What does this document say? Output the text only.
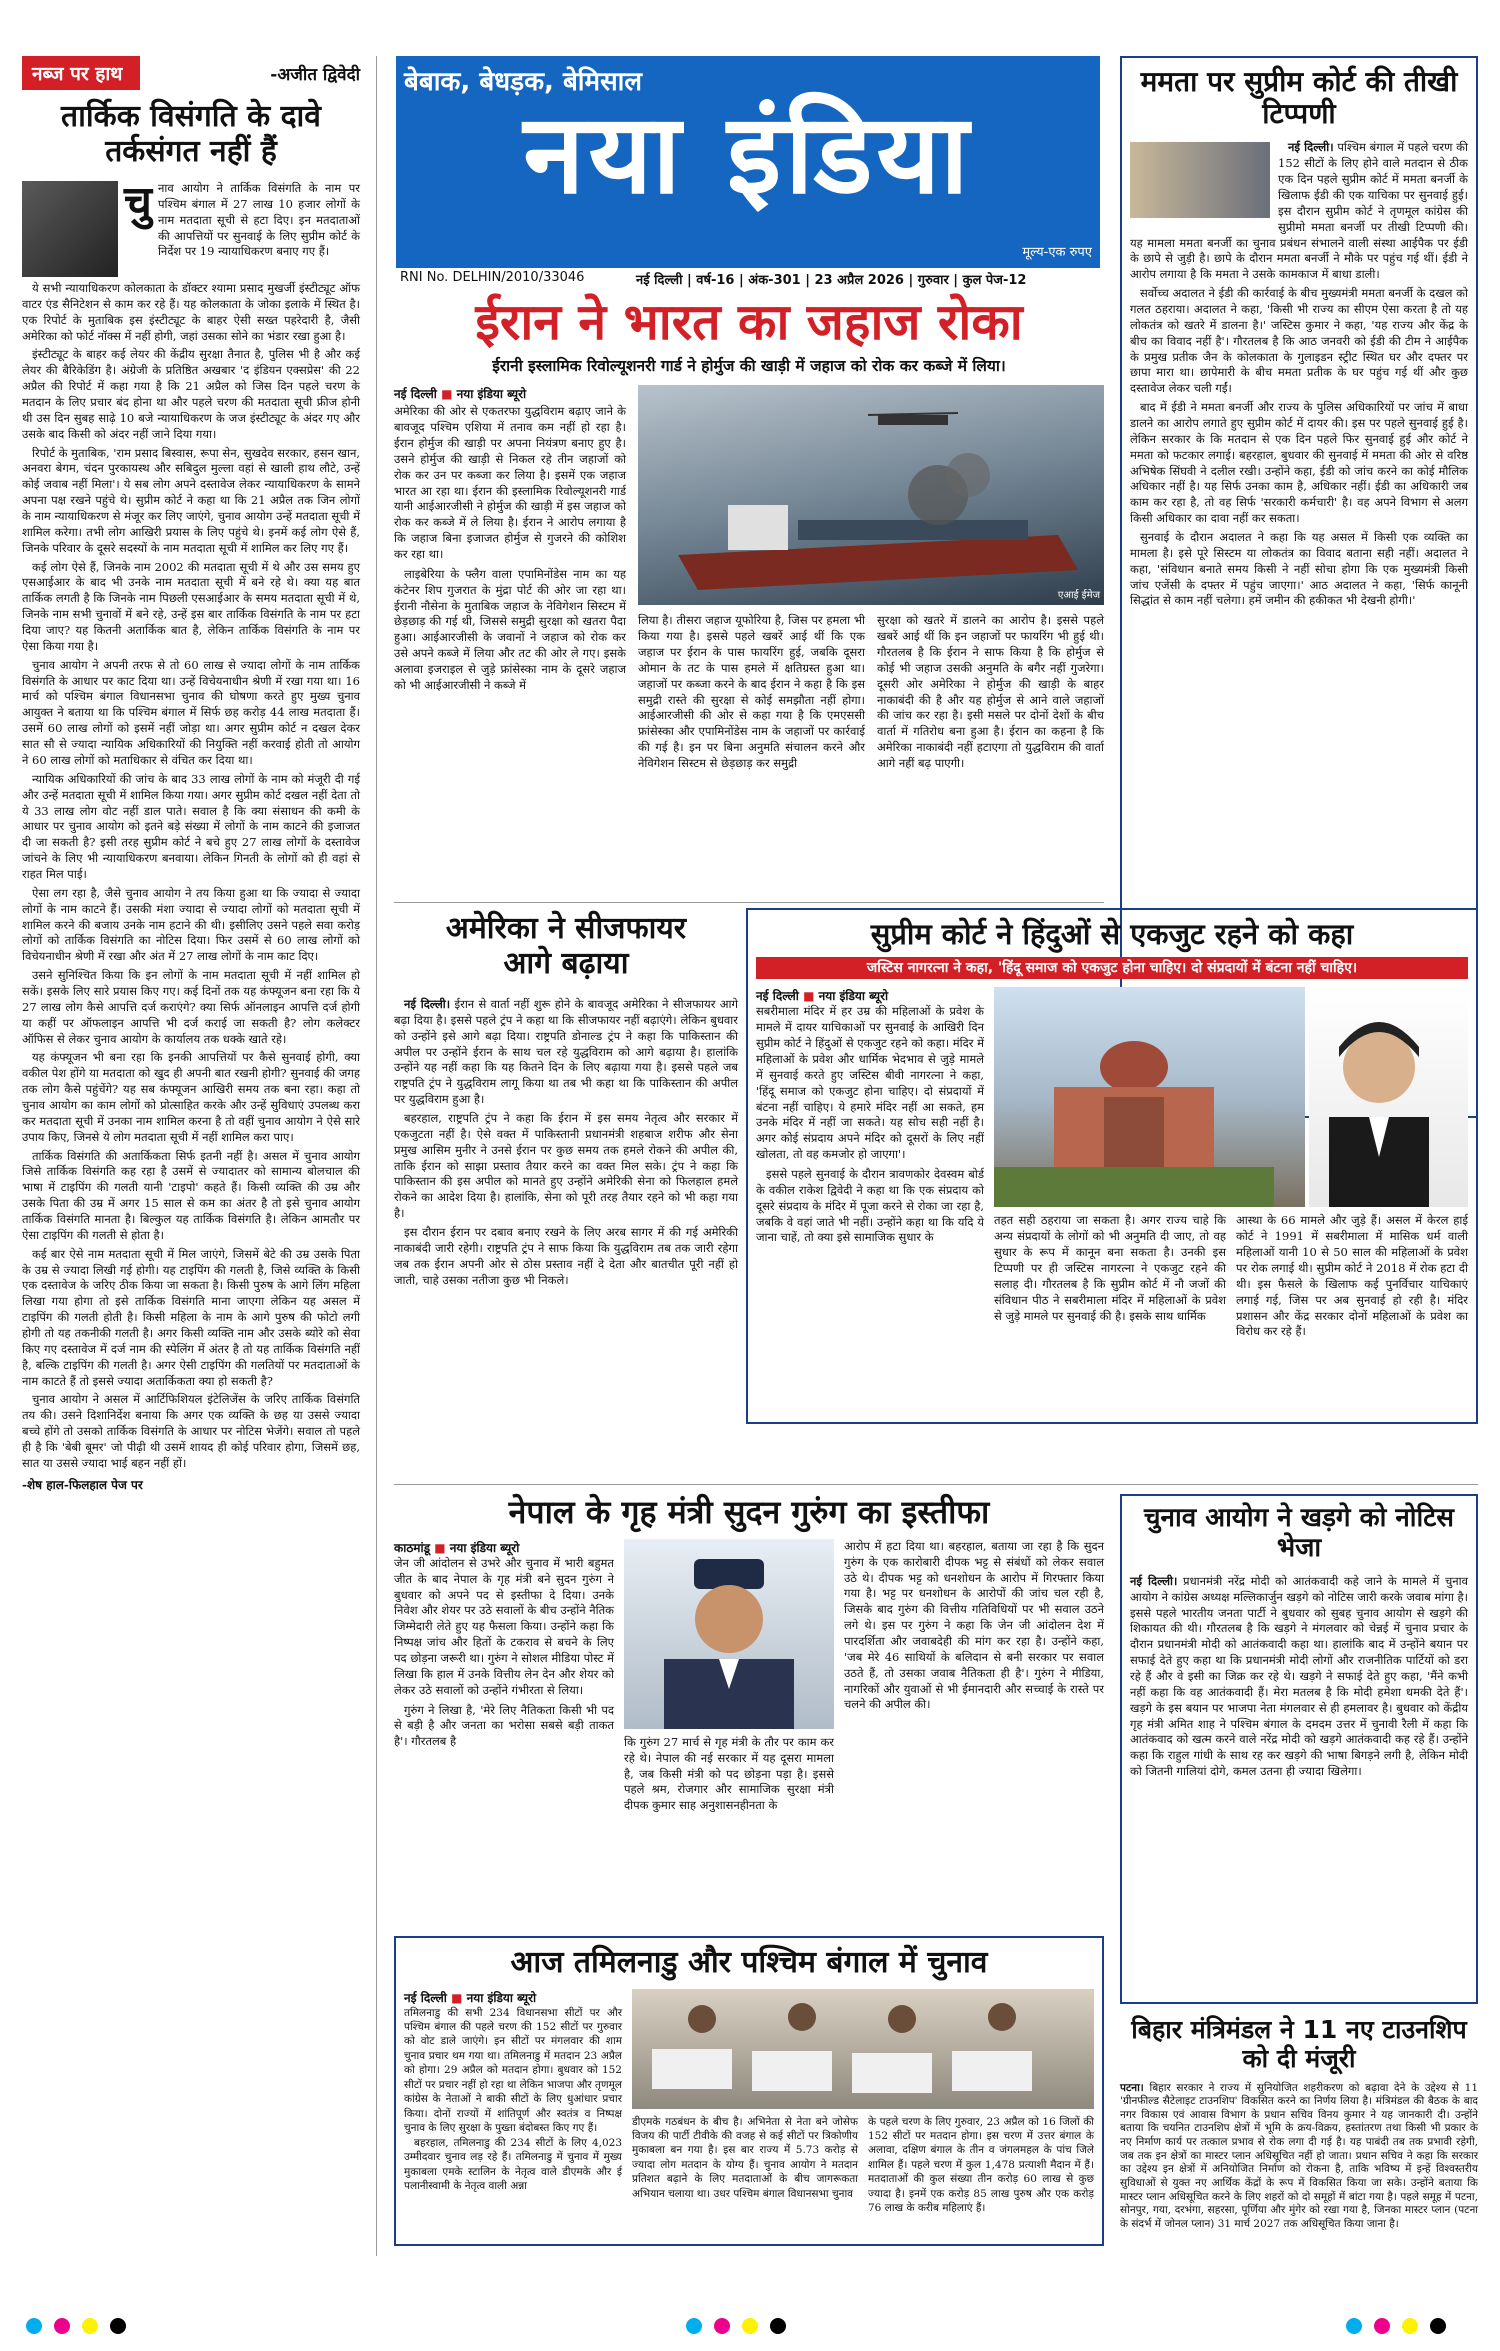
बेबाक, बेधड़क, बेमिसाल
नया इंडिया
मूल्य-एक रुपए
RNI No. DELHIN/2010/33046	नई दिल्ली | वर्ष-16 | अंक-301 | 23 अप्रैल 2026 | गुरुवार | कुल पेज-12
नब्ज पर हाथ	-अजीत द्विवेदी
तार्किक विसंगति के दावे तर्कसंगत नहीं हैं
चु नाव आयोग ने तार्किक विसंगति के नाम पर पश्चिम बंगाल में 27 लाख 10 हजार लोगों के नाम मतदाता सूची से हटा दिए। इन मतदाताओं की आपत्तियों पर सुनवाई के लिए सुप्रीम कोर्ट के निर्देश पर 19 न्यायाधिकरण बनाए गए हैं।

ये सभी न्यायाधिकरण कोलकाता के डॉक्टर श्यामा प्रसाद मुखर्जी इंस्टीट्यूट ऑफ वाटर एंड सैनिटेशन से काम कर रहे हैं। यह कोलकाता के जोका इलाके में स्थित है। एक रिपोर्ट के मुताबिक इस इंस्टीट्यूट के बाहर ऐसी सख्त पहरेदारी है, जैसी अमेरिका को फोर्ट नॉक्स में नहीं होगी, जहां उसका सोने का भंडार रखा हुआ है।

इंस्टीट्यूट के बाहर कई लेयर की केंद्रीय सुरक्षा तैनात है, पुलिस भी है और कई लेयर की बैरिकेडिंग है। अंग्रेजी के प्रतिष्ठित अखबार 'द इंडियन एक्सप्रेस' की 22 अप्रैल की रिपोर्ट में कहा गया है कि 21 अप्रैल को जिस दिन पहले चरण के मतदान के लिए प्रचार बंद होना था और पहले चरण की मतदाता सूची फ्रीज होनी थी उस दिन सुबह साढ़े 10 बजे न्यायाधिकरण के जज इंस्टीट्यूट के अंदर गए और उसके बाद किसी को अंदर नहीं जाने दिया गया।

रिपोर्ट के मुताबिक, 'राम प्रसाद बिस्वास, रूपा सेन, सुखदेव सरकार, हसन खान, अनवरा बेगम, चंदन पुरकायस्थ और सबिदुल मुल्ला वहां से खाली हाथ लौटे, उन्हें कोई जवाब नहीं मिला'। ये सब लोग अपने दस्तावेज लेकर न्यायाधिकरण के सामने अपना पक्ष रखने पहुंचे थे। सुप्रीम कोर्ट ने कहा था कि 21 अप्रैल तक जिन लोगों के नाम न्यायाधिकरण से मंजूर कर लिए जाएंगे, चुनाव आयोग उन्हें मतदाता सूची में शामिल करेगा। तभी लोग आखिरी प्रयास के लिए पहुंचे थे। इनमें कई लोग ऐसे हैं, जिनके परिवार के दूसरे सदस्यों के नाम मतदाता सूची में शामिल कर लिए गए हैं।

कई लोग ऐसे हैं, जिनके नाम 2002 की मतदाता सूची में थे और उस समय हुए एसआईआर के बाद भी उनके नाम मतदाता सूची में बने रहे थे। क्या यह बात तार्किक लगती है कि जिनके नाम पिछली एसआईआर के समय मतदाता सूची में थे, जिनके नाम सभी चुनावों में बने रहे, उन्हें इस बार तार्किक विसंगति के नाम पर हटा दिया जाए? यह कितनी अतार्किक बात है, लेकिन तार्किक विसंगति के नाम पर ऐसा किया गया है।

चुनाव आयोग ने अपनी तरफ से तो 60 लाख से ज्यादा लोगों के नाम तार्किक विसंगति के आधार पर काट दिया था। उन्हें विचेयनाधीन श्रेणी में रखा गया था। 16 मार्च को पश्चिम बंगाल विधानसभा चुनाव की घोषणा करते हुए मुख्य चुनाव आयुक्त ने बताया था कि पश्चिम बंगाल में सिर्फ छह करोड़ 44 लाख मतदाता हैं। उसमें 60 लाख लोगों को इसमें नहीं जोड़ा था। अगर सुप्रीम कोर्ट न दखल देकर सात सौ से ज्यादा न्यायिक अधिकारियों की नियुक्ति नहीं करवाई होती तो आयोग ने 60 लाख लोगों को मताधिकार से वंचित कर दिया था।

न्यायिक अधिकारियों की जांच के बाद 33 लाख लोगों के नाम को मंजूरी दी गई और उन्हें मतदाता सूची में शामिल किया गया। अगर सुप्रीम कोर्ट दखल नहीं देता तो ये 33 लाख लोग वोट नहीं डाल पाते। सवाल है कि क्या संसाधन की कमी के आधार पर चुनाव आयोग को इतने बड़े संख्या में लोगों के नाम काटने की इजाजत दी जा सकती है? इसी तरह सुप्रीम कोर्ट ने बचे हुए 27 लाख लोगों के दस्तावेज जांचने के लिए भी न्यायाधिकरण बनवाया। लेकिन गिनती के लोगों को ही वहां से राहत मिल पाई।

ऐसा लग रहा है, जैसे चुनाव आयोग ने तय किया हुआ था कि ज्यादा से ज्यादा लोगों के नाम काटने हैं। उसकी मंशा ज्यादा से ज्यादा लोगों को मतदाता सूची में शामिल करने की बजाय उनके नाम हटाने की थी। इसीलिए उसने पहले सवा करोड़ लोगों को तार्किक विसंगति का नोटिस दिया। फिर उसमें से 60 लाख लोगों को विचेयनाधीन श्रेणी में रखा और अंत में 27 लाख लोगों के नाम काट दिए।

उसने सुनिश्चित किया कि इन लोगों के नाम मतदाता सूची में नहीं शामिल हो सकें। इसके लिए सारे प्रयास किए गए। कई दिनों तक यह कंफ्यूजन बना रहा कि ये 27 लाख लोग कैसे आपत्ति दर्ज कराएंगे? क्या सिर्फ ऑनलाइन आपत्ति दर्ज होगी या कहीं पर ऑफलाइन आपत्ति भी दर्ज कराई जा सकती है? लोग कलेक्टर ऑफिस से लेकर चुनाव आयोग के कार्यालय तक धक्के खाते रहे।

यह कंफ्यूजन भी बना रहा कि इनकी आपत्तियों पर कैसे सुनवाई होगी, क्या वकील पेश होंगे या मतदाता को खुद ही अपनी बात रखनी होगी? सुनवाई की जगह तक लोग कैसे पहुंचेंगे? यह सब कंफ्यूजन आखिरी समय तक बना रहा। कहा तो चुनाव आयोग का काम लोगों को प्रोत्साहित करके और उन्हें सुविधाएं उपलब्ध करा कर मतदाता सूची में उनका नाम शामिल करना है तो वहीं चुनाव आयोग ने ऐसे सारे उपाय किए, जिनसे ये लोग मतदाता सूची में नहीं शामिल करा पाए।

तार्किक विसंगति की अतार्किकता सिर्फ इतनी नहीं है। असल में चुनाव आयोग जिसे तार्किक विसंगति कह रहा है उसमें से ज्यादातर को सामान्य बोलचाल की भाषा में टाइपिंग की गलती यानी 'टाइपो' कहते हैं। किसी व्यक्ति की उम्र और उसके पिता की उम्र में अगर 15 साल से कम का अंतर है तो इसे चुनाव आयोग तार्किक विसंगति मानता है। बिल्कुल यह तार्किक विसंगति है। लेकिन आमतौर पर ऐसा टाइपिंग की गलती से होता है।

कई बार ऐसे नाम मतदाता सूची में मिल जाएंगे, जिसमें बेटे की उम्र उसके पिता के उम्र से ज्यादा लिखी गई होगी। यह टाइपिंग की गलती है, जिसे व्यक्ति के किसी एक दस्तावेज के जरिए ठीक किया जा सकता है। किसी पुरुष के आगे लिंग महिला लिखा गया होगा तो इसे तार्किक विसंगति माना जाएगा लेकिन यह असल में टाइपिंग की गलती होती है। किसी महिला के नाम के आगे पुरुष की फोटो लगी होगी तो यह तकनीकी गलती है। अगर किसी व्यक्ति नाम और उसके ब्योरे को सेवा किए गए दस्तावेज में दर्ज नाम की स्पेलिंग में अंतर है तो यह तार्किक विसंगति नहीं है, बल्कि टाइपिंग की गलती है। अगर ऐसी टाइपिंग की गलतियों पर मतदाताओं के नाम काटते हैं तो इससे ज्यादा अतार्किकता क्या हो सकती है?

चुनाव आयोग ने असल में आर्टिफिशियल इंटेलिजेंस के जरिए तार्किक विसंगति तय की। उसने दिशानिर्देश बनाया कि अगर एक व्यक्ति के छह या उससे ज्यादा बच्चे होंगे तो उसको तार्किक विसंगति के आधार पर नोटिस भेजेंगे। सवाल तो पहले ही है कि 'बेबी बूमर' जो पीढ़ी थी उसमें शायद ही कोई परिवार होगा, जिसमें छह, सात या उससे ज्यादा भाई बहन नहीं हों।

-शेष हाल-फिलहाल पेज पर
ममता पर सुप्रीम कोर्ट की तीखी टिप्पणी

नई दिल्ली। पश्चिम बंगाल में पहले चरण की 152 सीटों के लिए होने वाले मतदान से ठीक एक दिन पहले सुप्रीम कोर्ट में ममता बनर्जी के खिलाफ ईडी की एक याचिका पर सुनवाई हुई। इस दौरान सुप्रीम कोर्ट ने तृणमूल कांग्रेस की सुप्रीमो ममता बनर्जी पर तीखी टिप्पणी की। यह मामला ममता बनर्जी का चुनाव प्रबंधन संभालने वाली संस्था आईपैक पर ईडी के छापे से जुड़ी है। छापे के दौरान ममता बनर्जी ने मौके पर पहुंच गई थीं। ईडी ने आरोप लगाया है कि ममता ने उसके कामकाज में बाधा डाली।

सर्वोच्च अदालत ने ईडी की कार्रवाई के बीच मुख्यमंत्री ममता बनर्जी के दखल को गलत ठहराया। अदालत ने कहा, 'किसी भी राज्य का सीएम ऐसा करता है तो यह लोकतंत्र को खतरे में डालना है।' जस्टिस कुमार ने कहा, 'यह राज्य और केंद्र के बीच का विवाद नहीं है'। गौरतलब है कि आठ जनवरी को ईडी की टीम ने आईपैक के प्रमुख प्रतीक जैन के कोलकाता के गुलाइडन स्ट्रीट स्थित घर और दफ्तर पर छापा मारा था। छापेमारी के बीच ममता प्रतीक के घर पहुंच गई थीं और कुछ दस्तावेज लेकर चली गईं।

बाद में ईडी ने ममता बनर्जी और राज्य के पुलिस अधिकारियों पर जांच में बाधा डालने का आरोप लगाते हुए सुप्रीम कोर्ट में दायर की। इस पर पहले सुनवाई हुई है। लेकिन सरकार के कि मतदान से एक दिन पहले फिर सुनवाई हुई और कोर्ट ने ममता को फटकार लगाई। बहरहाल, बुधवार की सुनवाई में ममता की ओर से वरिष्ठ अभिषेक सिंघवी ने दलील रखी। उन्होंने कहा, ईडी को जांच करने का कोई मौलिक अधिकार नहीं है। यह सिर्फ उनका काम है, अधिकार नहीं। ईडी का अधिकारी जब काम कर रहा है, तो वह सिर्फ 'सरकारी कर्मचारी' है। वह अपने विभाग से अलग किसी अधिकार का दावा नहीं कर सकता।

सुनवाई के दौरान अदालत ने कहा कि यह असल में किसी एक व्यक्ति का मामला है। इसे पूरे सिस्टम या लोकतंत्र का विवाद बताना सही नहीं। अदालत ने कहा, 'संविधान बनाते समय किसी ने नहीं सोचा होगा कि एक मुख्यमंत्री किसी जांच एजेंसी के दफ्तर में पहुंच जाएगा।' आठ अदालत ने कहा, 'सिर्फ कानूनी सिद्धांत से काम नहीं चलेगा। हमें जमीन की हकीकत भी देखनी होगी।'

ईरान ने भारत का जहाज रोका
ईरानी इस्लामिक रिवोल्यूशनरी गार्ड ने होर्मुज की खाड़ी में जहाज को रोक कर कब्जे में लिया।
नई दिल्ली ■ नया इंडिया ब्यूरो
अमेरिका की ओर से एकतरफा युद्धविराम बढ़ाए जाने के बावजूद पश्चिम एशिया में तनाव कम नहीं हो रहा है। ईरान होर्मुज की खाड़ी पर अपना नियंत्रण बनाए हुए है। उसने होर्मुज की खाड़ी से निकल रहे तीन जहाजों को रोक कर उन पर कब्जा कर लिया है। इसमें एक जहाज भारत आ रहा था। ईरान की इस्लामिक रिवोल्यूशनरी गार्ड यानी आईआरजीसी ने होर्मुज की खाड़ी में इस जहाज को रोक कर कब्जे में ले लिया है। ईरान ने आरोप लगाया है कि जहाज बिना इजाजत होर्मुज से गुजरने की कोशिश कर रहा था।
लाइबेरिया के फ्लैग वाला एपामिनोंडेस नाम का यह कंटेनर शिप गुजरात के मुंद्रा पोर्ट की ओर जा रहा था। ईरानी नौसेना के मुताबिक जहाज के नेविगेशन सिस्टम में छेड़छाड़ की गई थी, जिससे समुद्री सुरक्षा को खतरा पैदा हुआ। आईआरजीसी के जवानों ने जहाज को रोक कर उसे अपने कब्जे में लिया और तट की ओर ले गए। इसके अलावा इजराइल से जुड़े फ्रांसेस्का नाम के दूसरे जहाज को भी आईआरजीसी ने कब्जे में
एआई ईमेज
लिया है। तीसरा जहाज यूफोरिया है, जिस पर हमला भी किया गया है। इससे पहले खबरें आई थीं कि एक जहाज पर ईरान के पास फायरिंग हुई, जबकि दूसरा ओमान के तट के पास हमले में क्षतिग्रस्त हुआ था। जहाजों पर कब्जा करने के बाद ईरान ने कहा है कि इस समुद्री रास्ते की सुरक्षा से कोई समझौता नहीं होगा। आईआरजीसी की ओर से कहा गया है कि एमएससी फ्रांसेस्का और एपामिनोंडेस नाम के जहाजों पर कार्रवाई की गई है। इन पर बिना अनुमति संचालन करने और नेविगेशन सिस्टम से छेड़छाड़ कर समुद्री
सुरक्षा को खतरे में डालने का आरोप है। इससे पहले खबरें आई थीं कि इन जहाजों पर फायरिंग भी हुई थी। गौरतलब है कि ईरान ने साफ किया है कि होर्मुज से कोई भी जहाज उसकी अनुमति के बगैर नहीं गुजरेगा। दूसरी ओर अमेरिका ने होर्मुज की खाड़ी के बाहर नाकाबंदी की है और यह होर्मुज से आने वाले जहाजों की जांच कर रहा है। इसी मसले पर दोनों देशों के बीच वार्ता में गतिरोध बना हुआ है। ईरान का कहना है कि अमेरिका नाकाबंदी नहीं हटाएगा तो युद्धविराम की वार्ता आगे नहीं बढ़ पाएगी।
अमेरिका ने सीजफायर आगे बढ़ाया

नई दिल्ली। ईरान से वार्ता नहीं शुरू होने के बावजूद अमेरिका ने सीजफायर आगे बढ़ा दिया है। इससे पहले ट्रंप ने कहा था कि सीजफायर नहीं बढ़ाएंगे। लेकिन बुधवार को उन्होंने इसे आगे बढ़ा दिया। राष्ट्रपति डोनाल्ड ट्रंप ने कहा कि पाकिस्तान की अपील पर उन्होंने ईरान के साथ चल रहे युद्धविराम को आगे बढ़ाया है। हालांकि उन्होंने यह नहीं कहा कि यह कितने दिन के लिए बढ़ाया गया है। इससे पहले जब राष्ट्रपति ट्रंप ने युद्धविराम लागू किया था तब भी कहा था कि पाकिस्तान की अपील पर युद्धविराम हुआ है।

बहरहाल, राष्ट्रपति ट्रंप ने कहा कि ईरान में इस समय नेतृत्व और सरकार में एकजुटता नहीं है। ऐसे वक्त में पाकिस्तानी प्रधानमंत्री शहबाज शरीफ और सेना प्रमुख आसिम मुनीर ने उनसे ईरान पर कुछ समय तक हमले रोकने की अपील की, ताकि ईरान को साझा प्रस्ताव तैयार करने का वक्त मिल सके। ट्रंप ने कहा कि पाकिस्तान की इस अपील को मानते हुए उन्होंने अमेरिकी सेना को फिलहाल हमले रोकने का आदेश दिया है। हालांकि, सेना को पूरी तरह तैयार रहने को भी कहा गया है।

इस दौरान ईरान पर दबाव बनाए रखने के लिए अरब सागर में की गई अमेरिकी नाकाबंदी जारी रहेगी। राष्ट्रपति ट्रंप ने साफ किया कि युद्धविराम तब तक जारी रहेगा जब तक ईरान अपनी ओर से ठोस प्रस्ताव नहीं दे देता और बातचीत पूरी नहीं हो जाती, चाहे उसका नतीजा कुछ भी निकले।

सुप्रीम कोर्ट ने हिंदुओं से एकजुट रहने को कहा
जस्टिस नागरत्ना ने कहा, 'हिंदू समाज को एकजुट होना चाहिए। दो संप्रदायों में बंटना नहीं चाहिए।
नई दिल्ली ■ नया इंडिया ब्यूरो
सबरीमाला मंदिर में हर उम्र की महिलाओं के प्रवेश के मामले में दायर याचिकाओं पर सुनवाई के आखिरी दिन सुप्रीम कोर्ट ने हिंदुओं से एकजुट रहने को कहा। मंदिर में महिलाओं के प्रवेश और धार्मिक भेदभाव से जुड़े मामले में सुनवाई करते हुए जस्टिस बीवी नागरत्ना ने कहा, 'हिंदू समाज को एकजुट होना चाहिए। दो संप्रदायों में बंटना नहीं चाहिए। ये हमारे मंदिर नहीं आ सकते, हम उनके मंदिर में नहीं जा सकते। यह सोच सही नहीं है। अगर कोई संप्रदाय अपने मंदिर को दूसरों के लिए नहीं खोलता, तो वह कमजोर हो जाएगा'।
इससे पहले सुनवाई के दौरान त्रावणकोर देवस्वम बोर्ड के वकील राकेश द्विवेदी ने कहा था कि एक संप्रदाय को दूसरे संप्रदाय के मंदिर में पूजा करने से रोका जा रहा है, जबकि वे वहां जाते भी नहीं। उन्होंने कहा था कि यदि ये जाना चाहें, तो क्या इसे सामाजिक सुधार के
तहत सही ठहराया जा सकता है। अगर राज्य चाहे कि अन्य संप्रदायों के लोगों को भी अनुमति दी जाए, तो वह सुधार के रूप में कानून बना सकता है। उनकी इस टिप्पणी पर ही जस्टिस नागरत्ना ने एकजुट रहने की सलाह दी। गौरतलब है कि सुप्रीम कोर्ट में नौ जजों की संविधान पीठ ने सबरीमाला मंदिर में महिलाओं के प्रवेश से जुड़े मामले पर सुनवाई की है। इसके साथ धार्मिक
आस्था के 66 मामले और जुड़े हैं। असल में केरल हाई कोर्ट ने 1991 में सबरीमाला में मासिक धर्म वाली महिलाओं यानी 10 से 50 साल की महिलाओं के प्रवेश पर रोक लगाई थी। सुप्रीम कोर्ट ने 2018 में रोक हटा दी थी। इस फैसले के खिलाफ कई पुनर्विचार याचिकाएं लगाई गई, जिस पर अब सुनवाई हो रही है। मंदिर प्रशासन और केंद्र सरकार दोनों महिलाओं के प्रवेश का विरोध कर रहे हैं।
नेपाल के गृह मंत्री सुदन गुरुंग का इस्तीफा
काठमांडू ■ नया इंडिया ब्यूरो
जेन जी आंदोलन से उभरे और चुनाव में भारी बहुमत जीत के बाद नेपाल के गृह मंत्री बने सुदन गुरुंग ने बुधवार को अपने पद से इस्तीफा दे दिया। उनके निवेश और शेयर पर उठे सवालों के बीच उन्होंने नैतिक जिम्मेदारी लेते हुए यह फैसला किया। उन्होंने कहा कि निष्पक्ष जांच और हितों के टकराव से बचने के लिए पद छोड़ना जरूरी था। गुरुंग ने सोशल मीडिया पोस्ट में लिखा कि हाल में उनके वित्तीय लेन देन और शेयर को लेकर उठे सवालों को उन्होंने गंभीरता से लिया।
गुरुंग ने लिखा है, 'मेरे लिए नैतिकता किसी भी पद से बड़ी है और जनता का भरोसा सबसे बड़ी ताकत है'। गौरतलब है	कि गुरुंग 27 मार्च से गृह मंत्री के तौर पर काम कर रहे थे। नेपाल की नई सरकार में यह दूसरा मामला है, जब किसी मंत्री को पद छोड़ना पड़ा है। इससे पहले श्रम, रोजगार और सामाजिक सुरक्षा मंत्री दीपक कुमार साह अनुशासनहीनता के
आरोप में हटा दिया था। बहरहाल, बताया जा रहा है कि सुदन गुरुंग के एक कारोबारी दीपक भट्ट से संबंधों को लेकर सवाल उठे थे। दीपक भट्ट को धनशोधन के आरोप में गिरफ्तार किया गया है। भट्ट पर धनशोधन के आरोपों की जांच चल रही है, जिसके बाद गुरुंग की वित्तीय गतिविधियों पर भी सवाल उठने लगे थे। इस पर गुरुंग ने कहा कि जेन जी आंदोलन देश में पारदर्शिता और जवाबदेही की मांग कर रहा है। उन्होंने कहा, 'जब मेरे 46 साथियों के बलिदान से बनी सरकार पर सवाल उठते हैं, तो उसका जवाब नैतिकता ही है'। गुरुंग ने मीडिया, नागरिकों और युवाओं से भी ईमानदारी और सच्चाई के रास्ते पर चलने की अपील की।
चुनाव आयोग ने खड़गे को नोटिस भेजा
नई दिल्ली। प्रधानमंत्री नरेंद्र मोदी को आतंकवादी कहे जाने के मामले में चुनाव आयोग ने कांग्रेस अध्यक्ष मल्लिकार्जुन खड़गे को नोटिस जारी करके जवाब मांगा है। इससे पहले भारतीय जनता पार्टी ने बुधवार को सुबह चुनाव आयोग से खड़गे की शिकायत की थी। गौरतलब है कि खड़गे ने मंगलवार को चेन्नई में चुनाव प्रचार के दौरान प्रधानमंत्री मोदी को आतंकवादी कहा था। हालांकि बाद में उन्होंने बयान पर सफाई देते हुए कहा था कि प्रधानमंत्री मोदी लोगों और राजनीतिक पार्टियों को डरा रहे हैं और वे इसी का जिक्र कर रहे थे। खड़गे ने सफाई देते हुए कहा, 'मैंने कभी नहीं कहा कि वह आतंकवादी हैं। मेरा मतलब है कि मोदी हमेशा धमकी देते हैं'। खड़गे के इस बयान पर भाजपा नेता मंगलवार से ही हमलावर है। बुधवार को केंद्रीय गृह मंत्री अमित शाह ने पश्चिम बंगाल के दमदम उत्तर में चुनावी रैली में कहा कि आतंकवाद को खत्म करने वाले नरेंद्र मोदी को खड़गे आतंकवादी कह रहे हैं। उन्होंने कहा कि राहुल गांधी के साथ रह कर खड़गे की भाषा बिगड़ने लगी है, लेकिन मोदी को जितनी गालियां दोगे, कमल उतना ही ज्यादा खिलेगा।
आज तमिलनाडु और पश्चिम बंगाल में चुनाव
नई दिल्ली ■ नया इंडिया ब्यूरो
तमिलनाडु की सभी 234 विधानसभा सीटों पर और पश्चिम बंगाल की पहले चरण की 152 सीटों पर गुरुवार को वोट डाले जाएंगे। इन सीटों पर मंगलवार की शाम चुनाव प्रचार थम गया था। तमिलनाडु में मतदान 23 अप्रैल को होगा। 29 अप्रैल को मतदान होगा। बुधवार को 152 सीटों पर प्रचार नहीं हो रहा था लेकिन भाजपा और तृणमूल कांग्रेस के नेताओं ने बाकी सीटों के लिए धुआंधार प्रचार किया। दोनों राज्यों में शांतिपूर्ण और स्वतंत्र व निष्पक्ष चुनाव के लिए सुरक्षा के पुख्ता बंदोबस्त किए गए हैं।
बहरहाल, तमिलनाडु की 234 सीटों के लिए 4,023 उम्मीदवार चुनाव लड़ रहे हैं। तमिलनाडु में चुनाव में मुख्य मुकाबला एमके स्टालिन के नेतृत्व वाले डीएमके और ई पलानीस्वामी के नेतृत्व वाली अन्ना
डीएमके गठबंधन के बीच है। अभिनेता से नेता बने जोसेफ विजय की पार्टी टीवीके की वजह से कई सीटों पर त्रिकोणीय मुकाबला बन गया है। इस बार राज्य में 5.73 करोड़ से ज्यादा लोग मतदान के योग्य हैं। चुनाव आयोग ने मतदान प्रतिशत बढ़ाने के लिए मतदाताओं के बीच जागरूकता अभियान चलाया था। उधर पश्चिम बंगाल विधानसभा चुनाव
के पहले चरण के लिए गुरुवार, 23 अप्रैल को 16 जिलों की 152 सीटों पर मतदान होगा। इस चरण में उत्तर बंगाल के अलावा, दक्षिण बंगाल के तीन व जंगलमहल के पांच जिले शामिल हैं। पहले चरण में कुल 1,478 प्रत्याशी मैदान में हैं। मतदाताओं की कुल संख्या तीन करोड़ 60 लाख से कुछ ज्यादा है। इनमें एक करोड़ 85 लाख पुरुष और एक करोड़ 76 लाख के करीब महिलाएं हैं।
बिहार मंत्रिमंडल ने 11 नए टाउनशिप को दी मंजूरी
पटना। बिहार सरकार ने राज्य में सुनियोजित शहरीकरण को बढ़ावा देने के उद्देश्य से 11 'ग्रीनफील्ड सैटेलाइट टाउनशिप' विकसित करने का निर्णय लिया है। मंत्रिमंडल की बैठक के बाद नगर विकास एवं आवास विभाग के प्रधान सचिव विनय कुमार ने यह जानकारी दी। उन्होंने बताया कि चयनित टाउनशिप क्षेत्रों में भूमि के क्रय-विक्रय, हस्तांतरण तथा किसी भी प्रकार के नए निर्माण कार्य पर तत्काल प्रभाव से रोक लगा दी गई है। यह पाबंदी तब तक प्रभावी रहेगी, जब तक इन क्षेत्रों का मास्टर प्लान अधिसूचित नहीं हो जाता। प्रधान सचिव ने कहा कि सरकार का उद्देश्य इन क्षेत्रों में अनियोजित निर्माण को रोकना है, ताकि भविष्य में इन्हें विश्वस्तरीय सुविधाओं से युक्त नए आर्थिक केंद्रों के रूप में विकसित किया जा सके। उन्होंने बताया कि मास्टर प्लान अधिसूचित करने के लिए शहरों को दो समूहों में बांटा गया है। पहले समूह में पटना, सोनपुर, गया, दरभंगा, सहरसा, पूर्णिया और मुंगेर को रखा गया है, जिनका मास्टर प्लान (पटना के संदर्भ में जोनल प्लान) 31 मार्च 2027 तक अधिसूचित किया जाना है।
